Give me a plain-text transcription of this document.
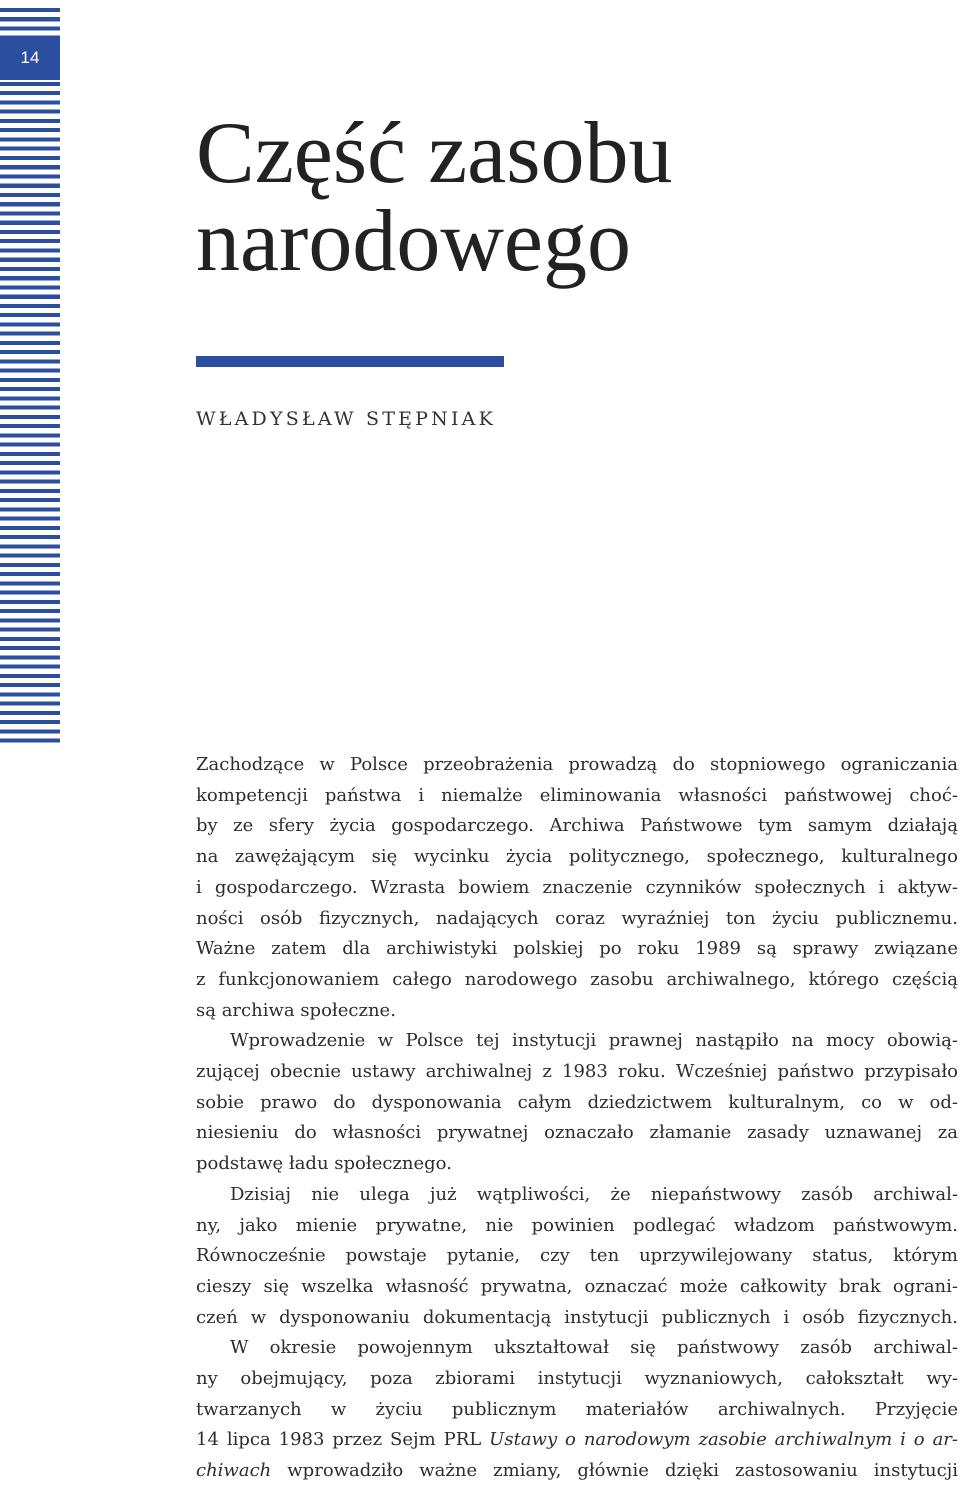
14
Część zasobu
narodowego
WŁADYSŁAW STĘPNIAK
Zachodzące w Polsce przeobrażenia prowadzą do stopniowego ograniczania
kompetencji państwa i niemalże eliminowania własności państwowej choć-
by ze sfery życia gospodarczego. Archiwa Państwowe tym samym działają
na zawężającym się wycinku życia politycznego, społecznego, kulturalnego
i gospodarczego. Wzrasta bowiem znaczenie czynników społecznych i aktyw-
ności osób fizycznych, nadających coraz wyraźniej ton życiu publicznemu.
Ważne zatem dla archiwistyki polskiej po roku 1989 są sprawy związane
z funkcjonowaniem całego narodowego zasobu archiwalnego, którego częścią
są archiwa społeczne.
Wprowadzenie w Polsce tej instytucji prawnej nastąpiło na mocy obowią-
zującej obecnie ustawy archiwalnej z 1983 roku. Wcześniej państwo przypisało
sobie prawo do dysponowania całym dziedzictwem kulturalnym, co w od-
niesieniu do własności prywatnej oznaczało złamanie zasady uznawanej za
podstawę ładu społecznego.
Dzisiaj nie ulega już wątpliwości, że niepaństwowy zasób archiwal-
ny, jako mienie prywatne, nie powinien podlegać władzom państwowym.
Równocześnie powstaje pytanie, czy ten uprzywilejowany status, którym
cieszy się wszelka własność prywatna, oznaczać może całkowity brak ograni-
czeń w dysponowaniu dokumentacją instytucji publicznych i osób fizycznych.
W okresie powojennym ukształtował się państwowy zasób archiwal-
ny obejmujący, poza zbiorami instytucji wyznaniowych, całokształt wy-
twarzanych w życiu publicznym materiałów archiwalnych. Przyjęcie
14 lipca 1983 przez Sejm PRL Ustawy o narodowym zasobie archiwalnym i o ar-
chiwach wprowadziło ważne zmiany, głównie dzięki zastosowaniu instytucji
